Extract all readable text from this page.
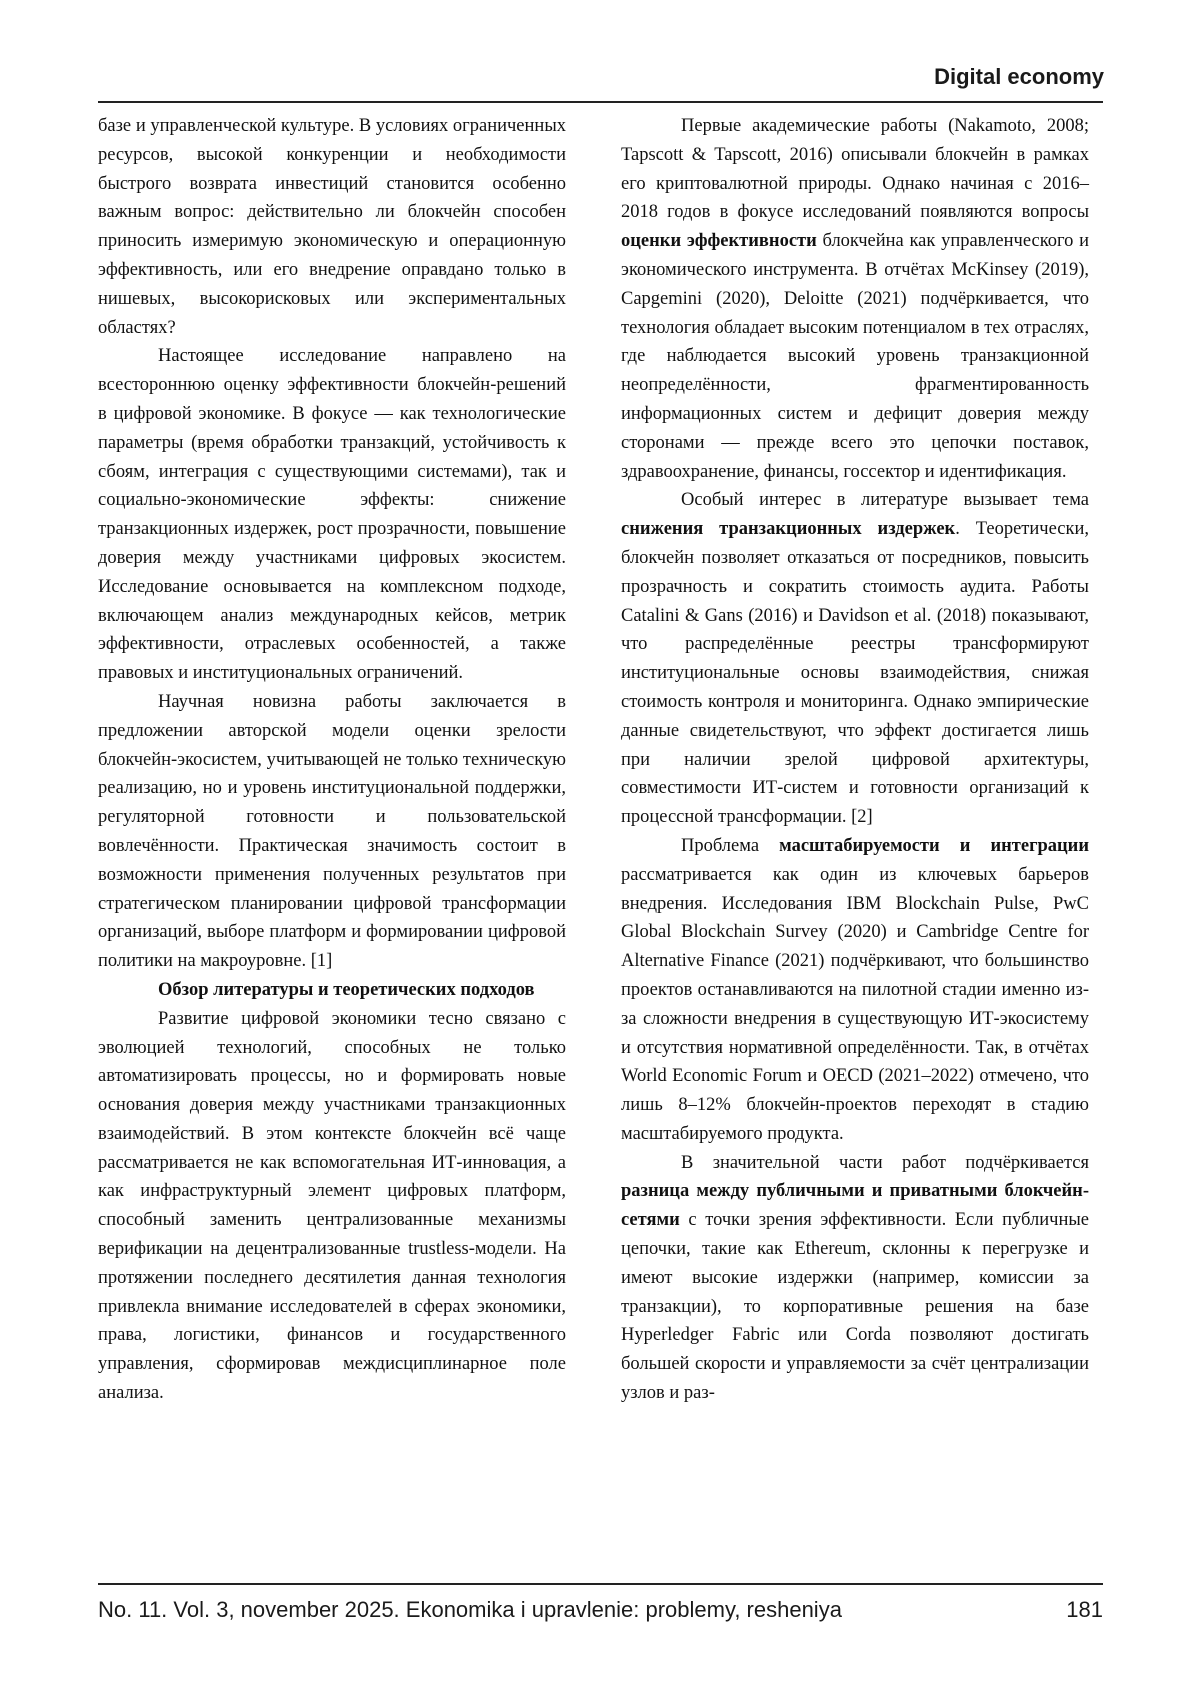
Digital economy

базе и управленческой культуре. В условиях ограниченных ресурсов, высокой конкуренции и необходимости быстрого возврата инвестиций становится особенно важным вопрос: действительно ли блокчейн способен приносить измеримую экономическую и операционную эффективность, или его внедрение оправдано только в нишевых, высокорисковых или экспериментальных областях?

Настоящее исследование направлено на всестороннюю оценку эффективности блокчейн-решений в цифровой экономике. В фокусе — как технологические параметры (время обработки транзакций, устойчивость к сбоям, интеграция с существующими системами), так и социально-экономические эффекты: снижение транзакционных издержек, рост прозрачности, повышение доверия между участниками цифровых экосистем. Исследование основывается на комплексном подходе, включающем анализ международных кейсов, метрик эффективности, отраслевых особенностей, а также правовых и институциональных ограничений.

Научная новизна работы заключается в предложении авторской модели оценки зрелости блокчейн-экосистем, учитывающей не только техническую реализацию, но и уровень институциональной поддержки, регуляторной готовности и пользовательской вовлечённости. Практическая значимость состоит в возможности применения полученных результатов при стратегическом планировании цифровой трансформации организаций, выборе платформ и формировании цифровой политики на макроуровне. [1]

Обзор литературы и теоретических подходов

Развитие цифровой экономики тесно связано с эволюцией технологий, способных не только автоматизировать процессы, но и формировать новые основания доверия между участниками транзакционных взаимодействий. В этом контексте блокчейн всё чаще рассматривается не как вспомогательная ИТ-инновация, а как инфраструктурный элемент цифровых платформ, способный заменить централизованные механизмы верификации на децентрализованные trustless-модели. На протяжении последнего десятилетия данная технология привлекла внимание исследователей в сферах экономики, права, логистики, финансов и государственного управления, сформировав междисциплинарное поле анализа.

Первые академические работы (Nakamoto, 2008; Tapscott & Tapscott, 2016) описывали блокчейн в рамках его криптовалютной природы. Однако начиная с 2016–2018 годов в фокусе исследований появляются вопросы оценки эффективности блокчейна как управленческого и экономического инструмента. В отчётах McKinsey (2019), Capgemini (2020), Deloitte (2021) подчёркивается, что технология обладает высоким потенциалом в тех отраслях, где наблюдается высокий уровень транзакционной неопределённости, фрагментированность информационных систем и дефицит доверия между сторонами — прежде всего это цепочки поставок, здравоохранение, финансы, госсектор и идентификация.

Особый интерес в литературе вызывает тема снижения транзакционных издержек. Теоретически, блокчейн позволяет отказаться от посредников, повысить прозрачность и сократить стоимость аудита. Работы Catalini & Gans (2016) и Davidson et al. (2018) показывают, что распределённые реестры трансформируют институциональные основы взаимодействия, снижая стоимость контроля и мониторинга. Однако эмпирические данные свидетельствуют, что эффект достигается лишь при наличии зрелой цифровой архитектуры, совместимости ИТ-систем и готовности организаций к процессной трансформации. [2]

Проблема масштабируемости и интеграции рассматривается как один из ключевых барьеров внедрения. Исследования IBM Blockchain Pulse, PwC Global Blockchain Survey (2020) и Cambridge Centre for Alternative Finance (2021) подчёркивают, что большинство проектов останавливаются на пилотной стадии именно из-за сложности внедрения в существующую ИТ-экосистему и отсутствия нормативной определённости. Так, в отчётах World Economic Forum и OECD (2021–2022) отмечено, что лишь 8–12% блокчейн-проектов переходят в стадию масштабируемого продукта.

В значительной части работ подчёркивается разница между публичными и приватными блокчейн-сетями с точки зрения эффективности. Если публичные цепочки, такие как Ethereum, склонны к перегрузке и имеют высокие издержки (например, комиссии за транзакции), то корпоративные решения на базе Hyperledger Fabric или Corda позволяют достигать большей скорости и управляемости за счёт централизации узлов и раз-

No. 11. Vol. 3, november 2025. Ekonomika i upravlenie: problemy, resheniya	181
